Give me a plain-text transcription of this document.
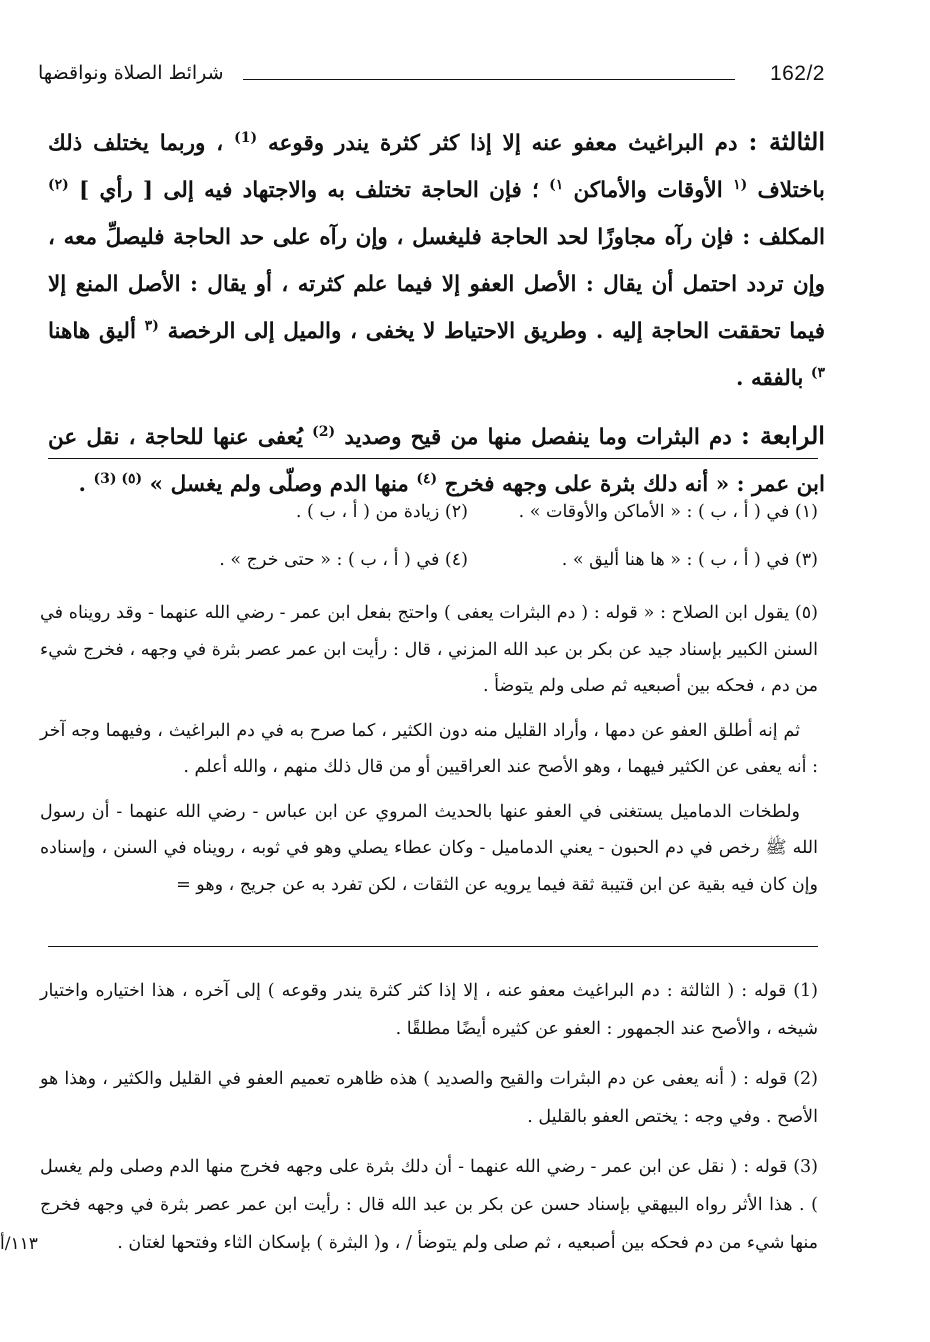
162/2
شرائط الصلاة ونواقضها

الثالثة : دم البراغيث معفو عنه إلا إذا كثر كثرة يندر وقوعه $^{(1)}$ ، وربما يختلف ذلك باختلاف $^{(١}$ الأوقات والأماكن $^{١)}$ ؛ فإن الحاجة تختلف به والاجتهاد فيه إلى [ رأي ] $^{(٢)}$ المكلف : فإن رآه مجاوزًا لحد الحاجة فليغسل ، وإن رآه على حد الحاجة فليصلِّ معه ، وإن تردد احتمل أن يقال : الأصل العفو إلا فيما علم كثرته ، أو يقال : الأصل المنع إلا فيما تحققت الحاجة إليه . وطريق الاحتياط لا يخفى ، والميل إلى الرخصة $^{(٣}$ أليق هاهنا $^{٣)}$ بالفقه .

الرابعة : دم البثرات وما ينفصل منها من قيح وصديد $^{(2)}$ يُعفى عنها للحاجة ، نقل عن ابن عمر : « أنه دلك بثرة على وجهه فخرج $^{(٤)}$ منها الدم وصلّى ولم يغسل » $^{(٥) (3)}$ .

(١) في ( أ ، ب ) : « الأماكن والأوقات » .
(٢) زيادة من ( أ ، ب ) .
(٣) في ( أ ، ب ) : « ها هنا أليق » .
(٤) في ( أ ، ب ) : « حتى خرج » .

(٥) يقول ابن الصلاح : « قوله : ( دم البثرات يعفى ) واحتج بفعل ابن عمر - رضي الله عنهما - وقد رويناه في السنن الكبير بإسناد جيد عن بكر بن عبد الله المزني ، قال : رأيت ابن عمر عصر بثرة في وجهه ، فخرج شيء من دم ، فحكه بين أصبعيه ثم صلى ولم يتوضأ .

ثم إنه أطلق العفو عن دمها ، وأراد القليل منه دون الكثير ، كما صرح به في دم البراغيث ، وفيهما وجه آخر : أنه يعفى عن الكثير فيهما ، وهو الأصح عند العراقيين أو من قال ذلك منهم ، والله أعلم .

ولطخات الدماميل يستغنى في العفو عنها بالحديث المروي عن ابن عباس - رضي الله عنهما - أن رسول الله ﷺ رخص في دم الحبون - يعني الدماميل - وكان عطاء يصلي وهو في ثوبه ، رويناه في السنن ، وإسناده وإن كان فيه بقية عن ابن قتيبة ثقة فيما يرويه عن الثقات ، لكن تفرد به عن جريج ، وهو =

(1) قوله : ( الثالثة : دم البراغيث معفو عنه ، إلا إذا كثر كثرة يندر وقوعه ) إلى آخره ، هذا اختياره واختيار شيخه ، والأصح عند الجمهور : العفو عن كثيره أيضًا مطلقًا .

(2) قوله : ( أنه يعفى عن دم البثرات والقيح والصديد ) هذه ظاهره تعميم العفو في القليل والكثير ، وهذا هو الأصح . وفي وجه : يختص العفو بالقليل .

(3) قوله : ( نقل عن ابن عمر - رضي الله عنهما - أن دلك بثرة على وجهه فخرج منها الدم وصلى ولم يغسل ) . هذا الأثر رواه البيهقي بإسناد حسن عن بكر بن عبد الله قال : رأيت ابن عمر عصر بثرة في وجهه فخرج منها شيء من دم فحكه بين أصبعيه ، ثم صلى ولم يتوضأ / ، و( البثرة ) بإسكان الثاء وفتحها لغتان .

١١٣/أ
